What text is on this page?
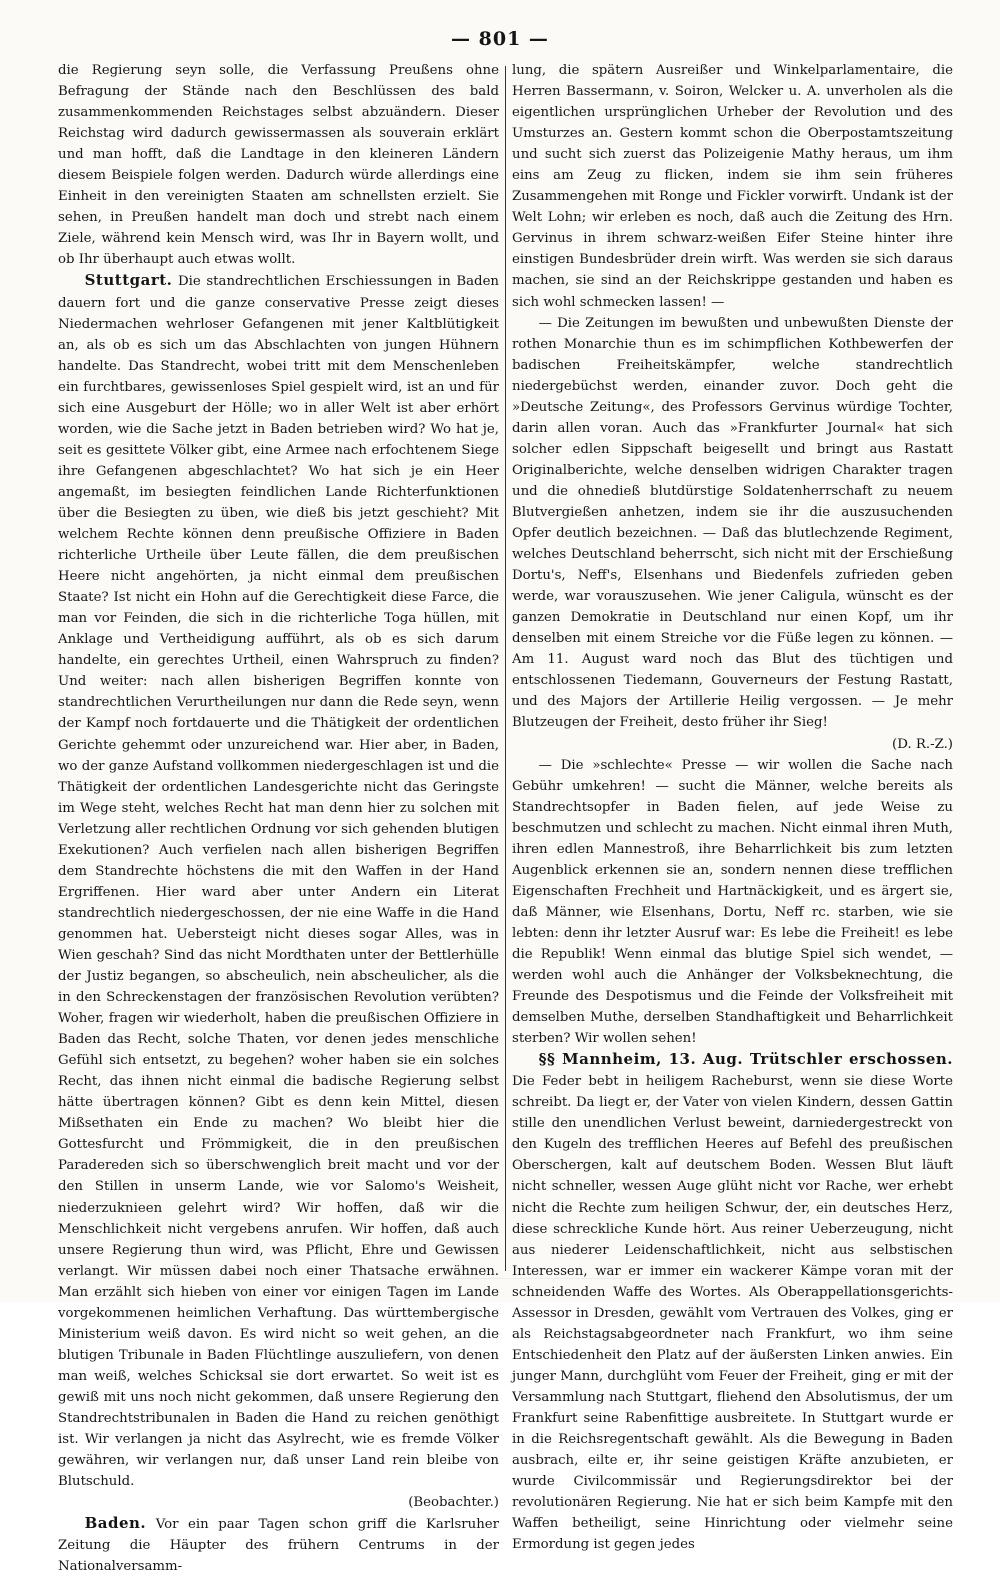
— 801 —

die Regierung seyn solle, die Verfassung Preußens ohne Befragung der Stände nach den Beschlüssen des bald zusammenkommenden Reichstages selbst abzuändern. Dieser Reichstag wird dadurch gewissermassen als souverain erklärt und man hofft, daß die Landtage in den kleineren Ländern diesem Beispiele folgen werden. Dadurch würde allerdings eine Einheit in den vereinigten Staaten am schnellsten erzielt. Sie sehen, in Preußen handelt man doch und strebt nach einem Ziele, während kein Mensch wird, was Ihr in Bayern wollt, und ob Ihr überhaupt auch etwas wollt.

Stuttgart. Die standrechtlichen Erschiessungen in Baden dauern fort und die ganze conservative Presse zeigt dieses Niedermachen wehrloser Gefangenen mit jener Kaltblütigkeit an, als ob es sich um das Abschlachten von jungen Hühnern handelte. Das Standrecht, wobei tritt mit dem Menschenleben ein furchtbares, gewissenloses Spiel gespielt wird, ist an und für sich eine Ausgeburt der Hölle; wo in aller Welt ist aber erhört worden, wie die Sache jetzt in Baden betrieben wird? Wo hat je, seit es gesittete Völker gibt, eine Armee nach erfochtenem Siege ihre Gefangenen abgeschlachtet? Wo hat sich je ein Heer angemaßt, im besiegten feindlichen Lande Richterfunktionen über die Besiegten zu üben, wie dieß bis jetzt geschieht? Mit welchem Rechte können denn preußische Offiziere in Baden richterliche Urtheile über Leute fällen, die dem preußischen Heere nicht angehörten, ja nicht einmal dem preußischen Staate? Ist nicht ein Hohn auf die Gerechtigkeit diese Farce, die man vor Feinden, die sich in die richterliche Toga hüllen, mit Anklage und Vertheidigung aufführt, als ob es sich darum handelte, ein gerechtes Urtheil, einen Wahrspruch zu finden? Und weiter: nach allen bisherigen Begriffen konnte von standrechtlichen Verurtheilungen nur dann die Rede seyn, wenn der Kampf noch fortdauerte und die Thätigkeit der ordentlichen Gerichte gehemmt oder unzureichend war. Hier aber, in Baden, wo der ganze Aufstand vollkommen niedergeschlagen ist und die Thätigkeit der ordentlichen Landesgerichte nicht das Geringste im Wege steht, welches Recht hat man denn hier zu solchen mit Verletzung aller rechtlichen Ordnung vor sich gehenden blutigen Exekutionen? Auch verfielen nach allen bisherigen Begriffen dem Standrechte höchstens die mit den Waffen in der Hand Ergriffenen. Hier ward aber unter Andern ein Literat standrechtlich niedergeschossen, der nie eine Waffe in die Hand genommen hat. Uebersteigt nicht dieses sogar Alles, was in Wien geschah? Sind das nicht Mordthaten unter der Bettlerhülle der Justiz begangen, so abscheulich, nein abscheulicher, als die in den Schreckenstagen der französischen Revolution verübten? Woher, fragen wir wiederholt, haben die preußischen Offiziere in Baden das Recht, solche Thaten, vor denen jedes menschliche Gefühl sich entsetzt, zu begehen? woher haben sie ein solches Recht, das ihnen nicht einmal die badische Regierung selbst hätte übertragen können? Gibt es denn kein Mittel, diesen Mißsethaten ein Ende zu machen? Wo bleibt hier die Gottesfurcht und Frömmigkeit, die in den preußischen Paradereden sich so überschwenglich breit macht und vor der den Stillen in unserm Lande, wie vor Salomo's Weisheit, niederzuknieen gelehrt wird? Wir hoffen, daß wir die Menschlichkeit nicht vergebens anrufen. Wir hoffen, daß auch unsere Regierung thun wird, was Pflicht, Ehre und Gewissen verlangt. Wir müssen dabei noch einer Thatsache erwähnen. Man erzählt sich hieben von einer vor einigen Tagen im Lande vorgekommenen heimlichen Verhaftung. Das württembergische Ministerium weiß davon. Es wird nicht so weit gehen, an die blutigen Tribunale in Baden Flüchtlinge auszuliefern, von denen man weiß, welches Schicksal sie dort erwartet. So weit ist es gewiß mit uns noch nicht gekommen, daß unsere Regierung den Standrechtstribunalen in Baden die Hand zu reichen genöthigt ist. Wir verlangen ja nicht das Asylrecht, wie es fremde Völker gewähren, wir verlangen nur, daß unser Land rein bleibe von Blutschuld.
(Beobachter.)

Baden. Vor ein paar Tagen schon griff die Karlsruher Zeitung die Häupter des frühern Centrums in der Nationalversamm-

lung, die spätern Ausreißer und Winkelparlamentaire, die Herren Bassermann, v. Soiron, Welcker u. A. unverholen als die eigentlichen ursprünglichen Urheber der Revolution und des Umsturzes an. Gestern kommt schon die Oberpostamtszeitung und sucht sich zuerst das Polizeigenie Mathy heraus, um ihm eins am Zeug zu flicken, indem sie ihm sein früheres Zusammengehen mit Ronge und Fickler vorwirft. Undank ist der Welt Lohn; wir erleben es noch, daß auch die Zeitung des Hrn. Gervinus in ihrem schwarz-weißen Eifer Steine hinter ihre einstigen Bundesbrüder drein wirft. Was werden sie sich daraus machen, sie sind an der Reichskrippe gestanden und haben es sich wohl schmecken lassen! —

— Die Zeitungen im bewußten und unbewußten Dienste der rothen Monarchie thun es im schimpflichen Kothbewerfen der badischen Freiheitskämpfer, welche standrechtlich niedergebüchst werden, einander zuvor. Doch geht die »Deutsche Zeitung«, des Professors Gervinus würdige Tochter, darin allen voran. Auch das »Frankfurter Journal« hat sich solcher edlen Sippschaft beigesellt und bringt aus Rastatt Originalberichte, welche denselben widrigen Charakter tragen und die ohnedieß blutdürstige Soldatenherrschaft zu neuem Blutvergießen anhetzen, indem sie ihr die auszusuchenden Opfer deutlich bezeichnen. — Daß das blutlechzende Regiment, welches Deutschland beherrscht, sich nicht mit der Erschießung Dortu's, Neff's, Elsenhans und Biedenfels zufrieden geben werde, war vorauszusehen. Wie jener Caligula, wünscht es der ganzen Demokratie in Deutschland nur einen Kopf, um ihr denselben mit einem Streiche vor die Füße legen zu können. — Am 11. August ward noch das Blut des tüchtigen und entschlossenen Tiedemann, Gouverneurs der Festung Rastatt, und des Majors der Artillerie Heilig vergossen. — Je mehr Blutzeugen der Freiheit, desto früher ihr Sieg!
(D. R.-Z.)

— Die »schlechte« Presse — wir wollen die Sache nach Gebühr umkehren! — sucht die Männer, welche bereits als Standrechtsopfer in Baden fielen, auf jede Weise zu beschmutzen und schlecht zu machen. Nicht einmal ihren Muth, ihren edlen Mannestroß, ihre Beharrlichkeit bis zum letzten Augenblick erkennen sie an, sondern nennen diese trefflichen Eigenschaften Frechheit und Hartnäckigkeit, und es ärgert sie, daß Männer, wie Elsenhans, Dortu, Neff rc. starben, wie sie lebten: denn ihr letzter Ausruf war: Es lebe die Freiheit! es lebe die Republik! Wenn einmal das blutige Spiel sich wendet, — werden wohl auch die Anhänger der Volksbeknechtung, die Freunde des Despotismus und die Feinde der Volksfreiheit mit demselben Muthe, derselben Standhaftigkeit und Beharrlichkeit sterben? Wir wollen sehen!

§§ Mannheim, 13. Aug. Trütschler erschossen. Die Feder bebt in heiligem Racheburst, wenn sie diese Worte schreibt. Da liegt er, der Vater von vielen Kindern, dessen Gattin stille den unendlichen Verlust beweint, darniedergestreckt von den Kugeln des trefflichen Heeres auf Befehl des preußischen Oberschergen, kalt auf deutschem Boden. Wessen Blut läuft nicht schneller, wessen Auge glüht nicht vor Rache, wer erhebt nicht die Rechte zum heiligen Schwur, der, ein deutsches Herz, diese schreckliche Kunde hört. Aus reiner Ueberzeugung, nicht aus niederer Leidenschaftlichkeit, nicht aus selbstischen Interessen, war er immer ein wackerer Kämpe voran mit der schneidenden Waffe des Wortes. Als Oberappellationsgerichts-Assessor in Dresden, gewählt vom Vertrauen des Volkes, ging er als Reichstagsabgeordneter nach Frankfurt, wo ihm seine Entschiedenheit den Platz auf der äußersten Linken anwies. Ein junger Mann, durchglüht vom Feuer der Freiheit, ging er mit der Versammlung nach Stuttgart, fliehend den Absolutismus, der um Frankfurt seine Rabenfittige ausbreitete. In Stuttgart wurde er in die Reichsregentschaft gewählt. Als die Bewegung in Baden ausbrach, eilte er, ihr seine geistigen Kräfte anzubieten, er wurde Civilcommissär und Regierungsdirektor bei der revolutionären Regierung. Nie hat er sich beim Kampfe mit den Waffen betheiligt, seine Hinrichtung oder vielmehr seine Ermordung ist gegen jedes
